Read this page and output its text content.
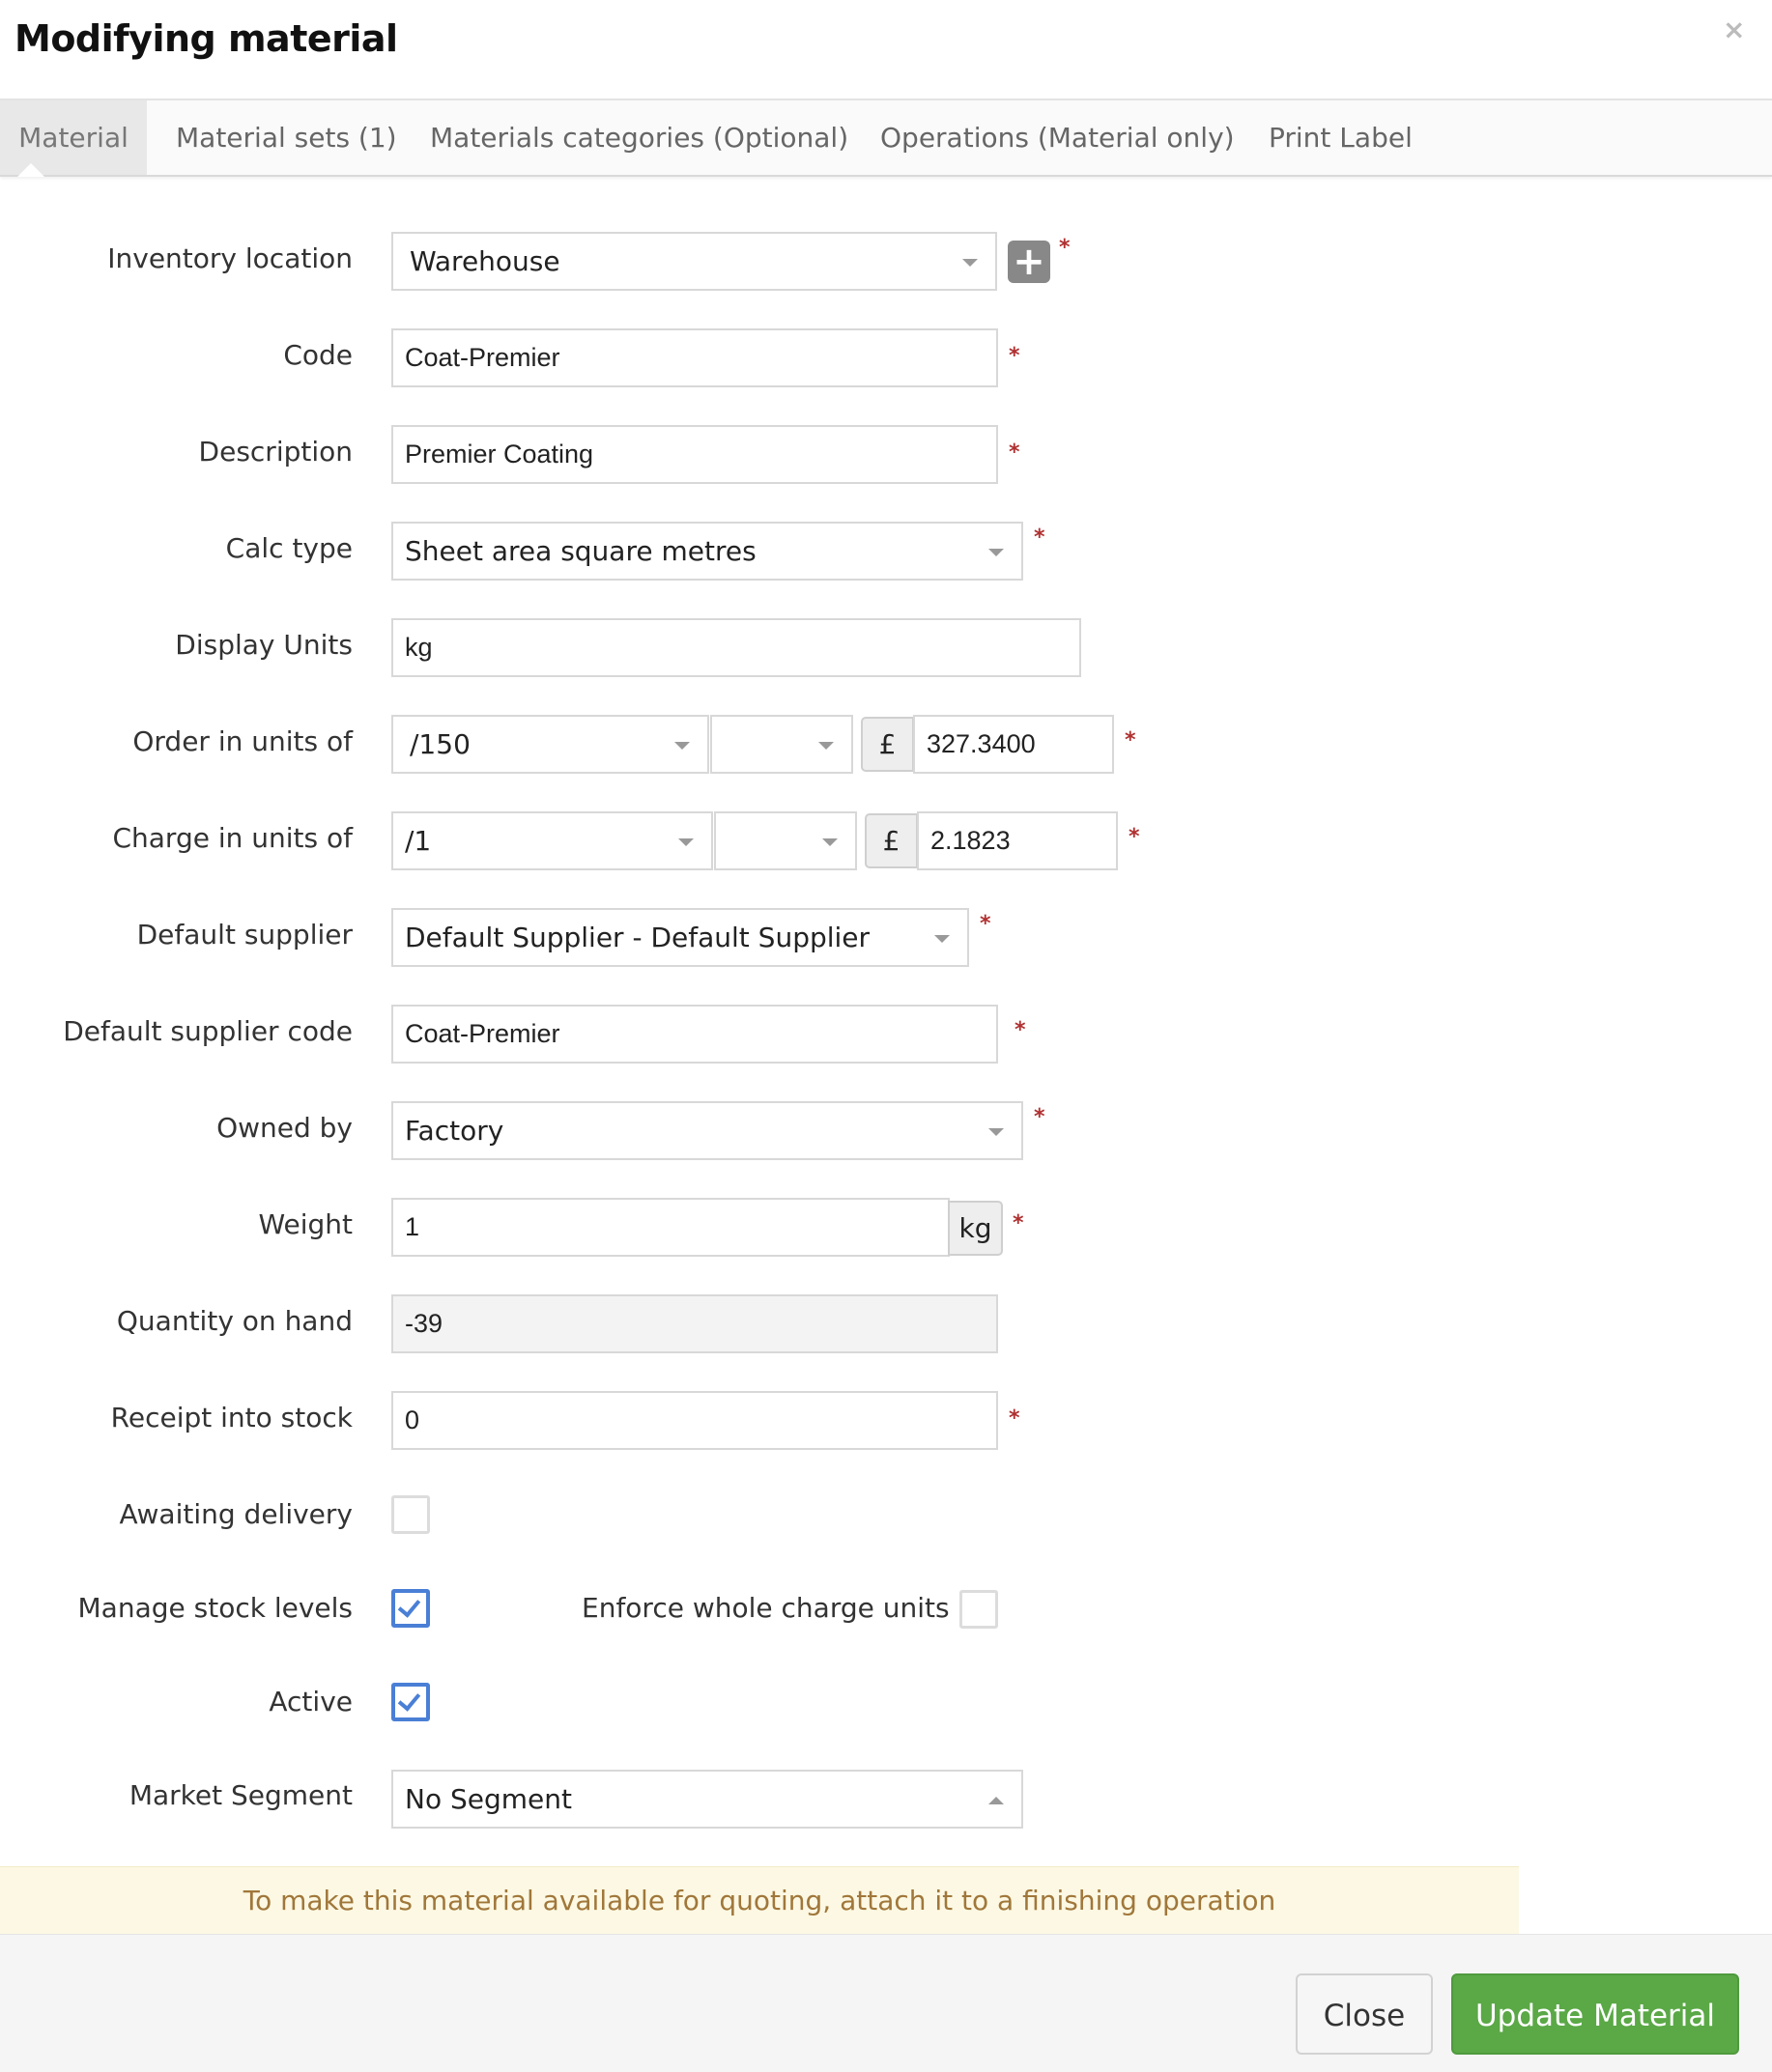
Modifying material	×
Material	Material sets (1) Materials categories (Optional) Operations (Material only) Print Label
Inventory location	Warehouse	+ *
Code	Coat-Premier	*
Description	Premier Coating	*
Calc type	Sheet area square metres	*
Display Units	kg
Order in units of	/150	£	327.3400	*
Charge in units of	/1	£	2.1823	*
Default supplier	Default Supplier - Default Supplier	*
Default supplier code	Coat-Premier	*
Owned by	Factory	*
Weight	1	kg *
Quantity on hand	-39
Receipt into stock	0	*
Awaiting delivery
Manage stock levels	Enforce whole charge units
Active
Market Segment	No Segment
To make this material available for quoting, attach it to a finishing operation
Close	Update Material
